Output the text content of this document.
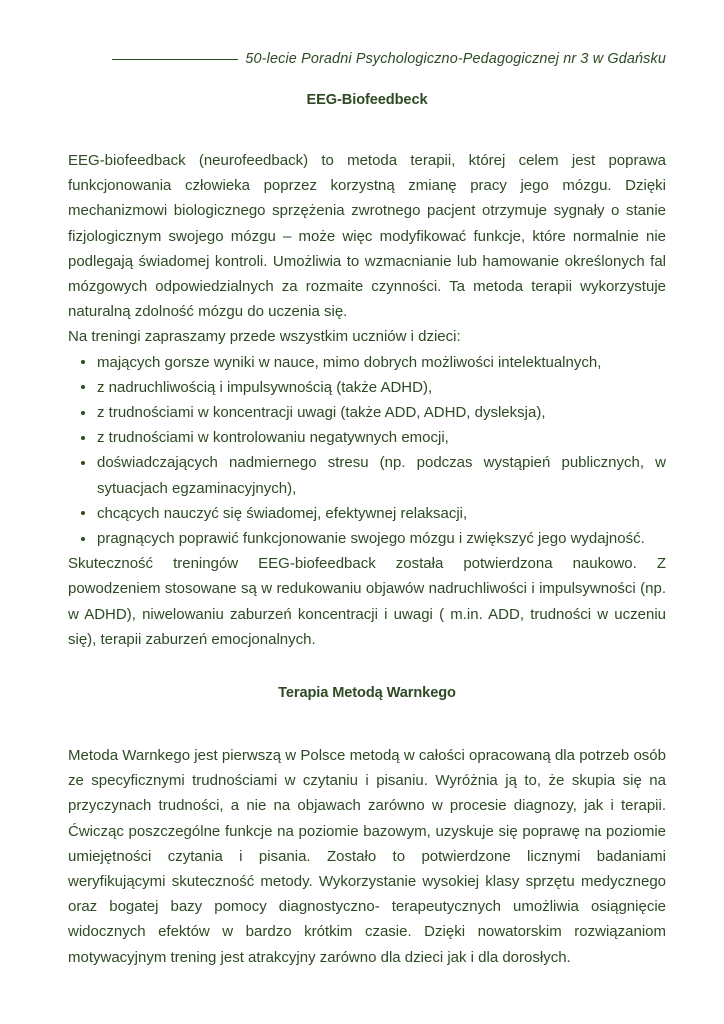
50-lecie Poradni Psychologiczno-Pedagogicznej nr 3 w Gdańsku
EEG-Biofeedbeck

EEG-biofeedback (neurofeedback) to metoda terapii, której celem jest poprawa funkcjonowania człowieka poprzez korzystną zmianę pracy jego mózgu. Dzięki mechanizmowi biologicznego sprzężenia zwrotnego pacjent otrzymuje sygnały o stanie fizjologicznym swojego mózgu – może więc modyfikować funkcje, które normalnie nie podlegają świadomej kontroli. Umożliwia to wzmacnianie lub hamowanie określonych fal mózgowych odpowiedzialnych za rozmaite czynności. Ta metoda terapii wykorzystuje naturalną zdolność mózgu do uczenia się.

Na treningi zapraszamy przede wszystkim uczniów i dzieci:

mających gorsze wyniki w nauce, mimo dobrych możliwości intelektualnych,
z nadruchliwością i impulsywnością (także ADHD),
z trudnościami w koncentracji uwagi (także ADD, ADHD, dysleksja),
z trudnościami w kontrolowaniu negatywnych emocji,
doświadczających nadmiernego stresu (np. podczas wystąpień publicznych, w sytuacjach egzaminacyjnych),
chcących nauczyć się świadomej, efektywnej relaksacji,
pragnących poprawić funkcjonowanie swojego mózgu i zwiększyć jego wydajność.

Skuteczność treningów EEG-biofeedback została potwierdzona naukowo. Z powodzeniem stosowane są w redukowaniu objawów nadruchliwości i impulsywności (np. w ADHD), niwelowaniu zaburzeń koncentracji i uwagi ( m.in. ADD, trudności w uczeniu się), terapii zaburzeń emocjonalnych.

Terapia Metodą Warnkego

Metoda Warnkego jest pierwszą w Polsce metodą w całości opracowaną dla potrzeb osób ze specyficznymi trudnościami w czytaniu i pisaniu. Wyróżnia ją to, że skupia się na przyczynach trudności, a nie na objawach zarówno w procesie diagnozy, jak i terapii. Ćwicząc poszczególne funkcje na poziomie bazowym, uzyskuje się poprawę na poziomie umiejętności czytania i pisania. Zostało to potwierdzone licznymi badaniami weryfikującymi skuteczność metody. Wykorzystanie wysokiej klasy sprzętu medycznego oraz bogatej bazy pomocy diagnostyczno- terapeutycznych umożliwia osiągnięcie widocznych efektów w bardzo krótkim czasie. Dzięki nowatorskim rozwiązaniom motywacyjnym trening jest atrakcyjny zarówno dla dzieci jak i dla dorosłych.
